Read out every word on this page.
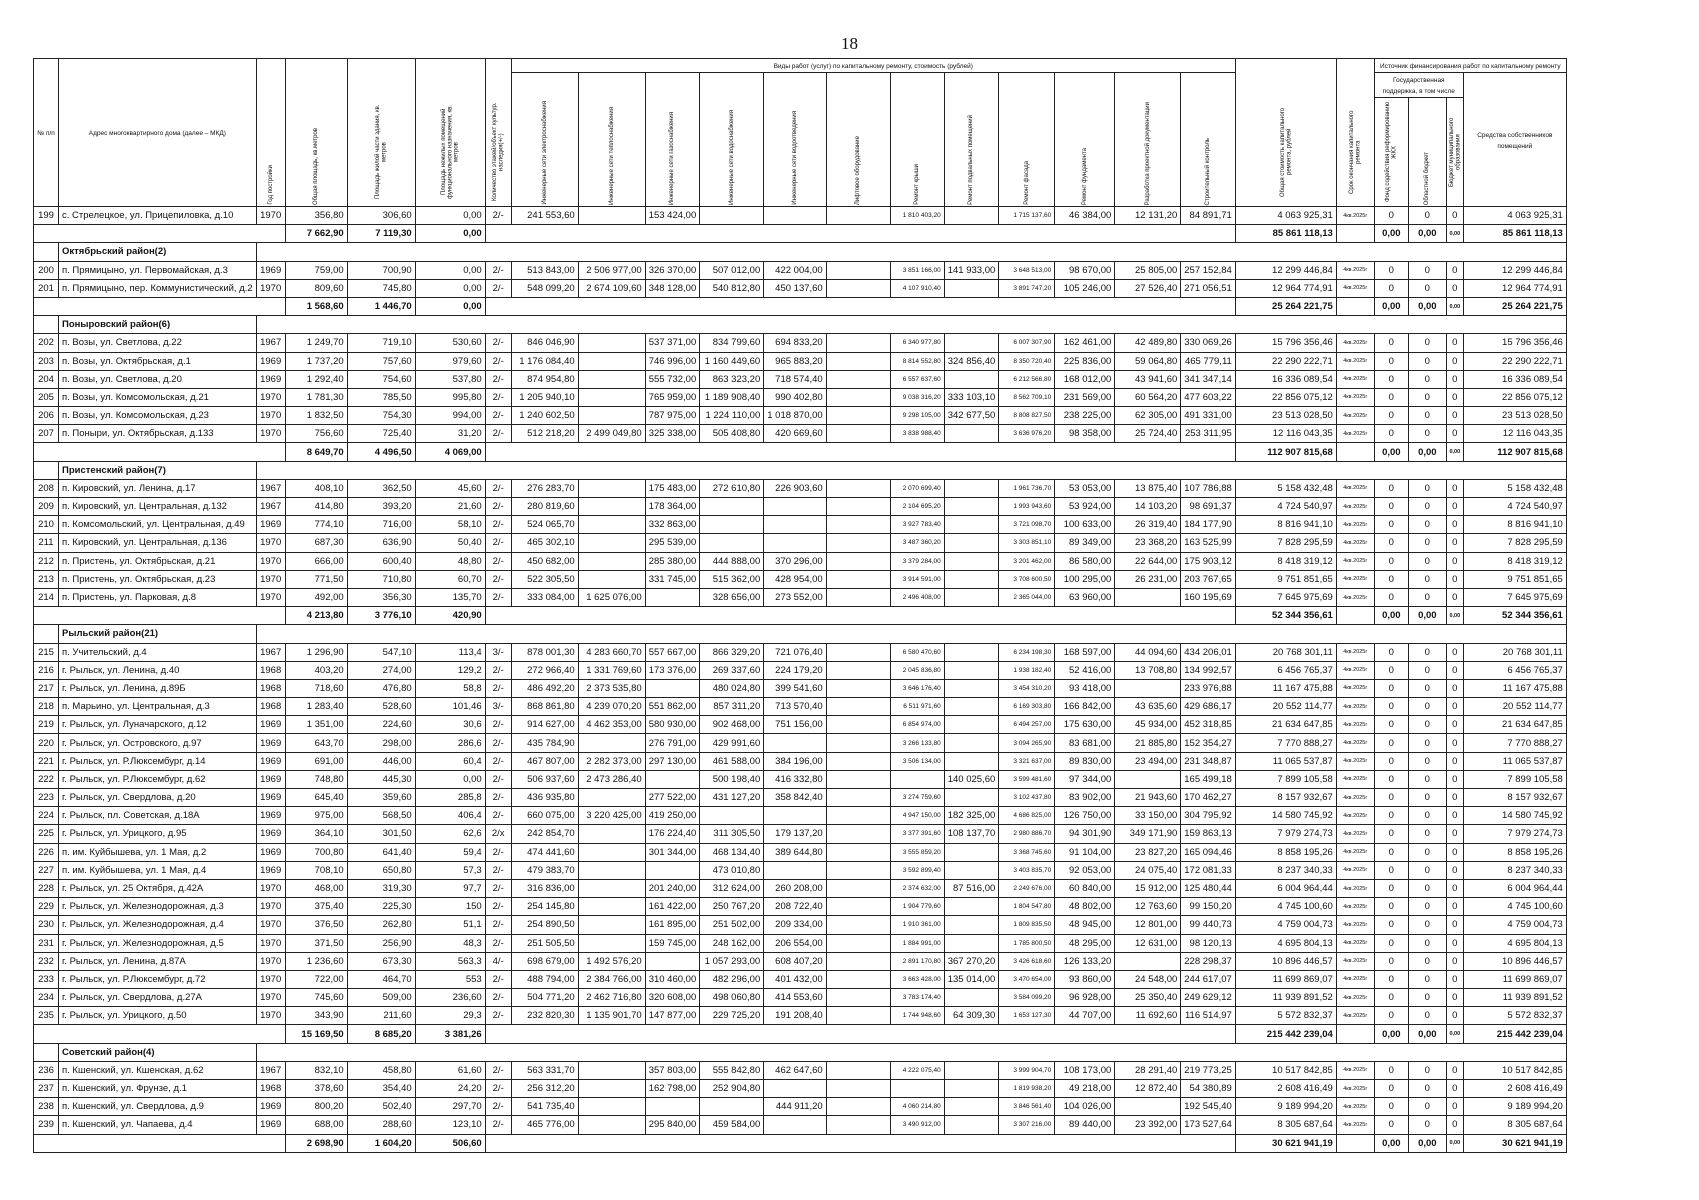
18
№ п/п	Адрес многоквартирного дома (далее – МКД)	Год постройки	Общая площадь, кв.метров	Площадь жилой части здания, кв. метров	Площадь нежилых помещений функционального назначения, кв. метров	Количество этажей/объект культур. наследия(+/-)	Виды работ (услуг) по капитальному ремонту, стоимость (рублей)												Общая стоимость капитального ремонта, рублей	Срок окончания капитального ремонта	Источник финансирования работ по капитальному ремонту			

							Инженерные сети электроснабжения	Инженерные сети теплоснабжения	Инженерные сети газоснабжения	Инженерные сети водоснабжения	Инженерные сети водоотведения	Лифтовое оборудование	Ремонт крыши	Ремонт подвальных помещений	Ремонт фасада	Ремонт фундамента	Разработка проектной документации	Строительный контроль			Государственная поддержка, в том числе			Средства собственников помещений

																					Фонд содействия реформированию ЖКХ	Областной бюджет	Бюджет муниципального образования	

199	с. Стрелецкое, ул. Прицепиловка, д.10	1970	356,80	306,60	0,00	2/-	241 553,60		153 424,00				1 810 403,20		1 715 137,60	46 384,00	12 131,20	84 891,71	4 063 925,31	4кв.2025г	0	0	0	4 063 925,31
			7 662,90	7 119,30	0,00														85 861 118,13		0,00	0,00	0,00	85 861 118,13
	Октябрьский район(2)																							
200	п. Прямицыно, ул. Первомайская, д.3	1969	759,00	700,90	0,00	2/-	513 843,00	2 506 977,00	326 370,00	507 012,00	422 004,00		3 851 166,00	141 933,00	3 648 513,00	98 670,00	25 805,00	257 152,84	12 299 446,84	4кв.2025г	0	0	0	12 299 446,84
201	п. Прямицыно, пер. Коммунистический, д.2	1970	809,60	745,80	0,00	2/-	548 099,20	2 674 109,60	348 128,00	540 812,80	450 137,60		4 107 910,40		3 891 747,20	105 246,00	27 526,40	271 056,51	12 964 774,91	4кв.2025г	0	0	0	12 964 774,91
			1 568,60	1 446,70	0,00														25 264 221,75		0,00	0,00	0,00	25 264 221,75
	Поныровский район(6)																							
202	п. Возы, ул. Светлова, д.22	1967	1 249,70	719,10	530,60	2/-	846 046,90		537 371,00	834 799,60	694 833,20		6 340 977,80		6 007 307,90	162 461,00	42 489,80	330 069,26	15 796 356,46	4кв.2025г	0	0	0	15 796 356,46
203	п. Возы, ул. Октябрьская, д.1	1969	1 737,20	757,60	979,60	2/-	1 176 084,40		746 996,00	1 160 449,60	965 883,20		8 814 552,80	324 856,40	8 350 720,40	225 836,00	59 064,80	465 779,11	22 290 222,71	4кв.2025г	0	0	0	22 290 222,71
204	п. Возы, ул. Светлова, д.20	1969	1 292,40	754,60	537,80	2/-	874 954,80		555 732,00	863 323,20	718 574,40		6 557 637,60		6 212 566,80	168 012,00	43 941,60	341 347,14	16 336 089,54	4кв.2025г	0	0	0	16 336 089,54
205	п. Возы, ул. Комсомольская, д.21	1970	1 781,30	785,50	995,80	2/-	1 205 940,10		765 959,00	1 189 908,40	990 402,80		9 038 316,20	333 103,10	8 562 709,10	231 569,00	60 564,20	477 603,22	22 856 075,12	4кв.2025г	0	0	0	22 856 075,12
206	п. Возы, ул. Комсомольская, д.23	1970	1 832,50	754,30	994,00	2/-	1 240 602,50		787 975,00	1 224 110,00	1 018 870,00		9 298 105,00	342 677,50	8 808 827,50	238 225,00	62 305,00	491 331,00	23 513 028,50	4кв.2025г	0	0	0	23 513 028,50
207	п. Поныри, ул. Октябрьская, д.133	1970	756,60	725,40	31,20	2/-	512 218,20	2 499 049,80	325 338,00	505 408,80	420 669,60		3 838 988,40		3 636 976,20	98 358,00	25 724,40	253 311,95	12 116 043,35	4кв.2025г	0	0	0	12 116 043,35
			8 649,70	4 496,50	4 069,00														112 907 815,68		0,00	0,00	0,00	112 907 815,68
	Пристенский район(7)																							
208	п. Кировский, ул. Ленина, д.17	1967	408,10	362,50	45,60	2/-	276 283,70		175 483,00	272 610,80	226 903,60		2 070 699,40		1 961 736,70	53 053,00	13 875,40	107 786,88	5 158 432,48	4кв.2025г	0	0	0	5 158 432,48
209	п. Кировский, ул. Центральная, д.132	1967	414,80	393,20	21,60	2/-	280 819,60		178 364,00				2 104 695,20		1 993 943,60	53 924,00	14 103,20	98 691,37	4 724 540,97	4кв.2025г	0	0	0	4 724 540,97
210	п. Комсомольский, ул. Центральная, д.49	1969	774,10	716,00	58,10	2/-	524 065,70		332 863,00				3 927 783,40		3 721 098,70	100 633,00	26 319,40	184 177,90	8 816 941,10	4кв.2025г	0	0	0	8 816 941,10
211	п. Кировский, ул. Центральная, д.136	1970	687,30	636,90	50,40	2/-	465 302,10		295 539,00				3 487 360,20		3 303 851,10	89 349,00	23 368,20	163 525,99	7 828 295,59	4кв.2025г	0	0	0	7 828 295,59
212	п. Пристень, ул. Октябрьская, д.21	1970	666,00	600,40	48,80	2/-	450 682,00		285 380,00	444 888,00	370 296,00		3 379 284,00		3 201 462,00	86 580,00	22 644,00	175 903,12	8 418 319,12	4кв.2025г	0	0	0	8 418 319,12
213	п. Пристень, ул. Октябрьская, д.23	1970	771,50	710,80	60,70	2/-	522 305,50		331 745,00	515 362,00	428 954,00		3 914 591,00		3 708 600,50	100 295,00	26 231,00	203 767,65	9 751 851,65	4кв.2025г	0	0	0	9 751 851,65
214	п. Пристень, ул. Парковая, д.8	1970	492,00	356,30	135,70	2/-	333 084,00	1 625 076,00		328 656,00	273 552,00		2 496 408,00		2 365 044,00	63 960,00		160 195,69	7 645 975,69	4кв.2025г	0	0	0	7 645 975,69
			4 213,80	3 776,10	420,90														52 344 356,61		0,00	0,00	0,00	52 344 356,61
	Рыльский район(21)																							
215	п. Учительский, д.4	1967	1 296,90	547,10	113,4	3/-	878 001,30	4 283 660,70	557 667,00	866 329,20	721 076,40		6 580 470,60		6 234 198,30	168 597,00	44 094,60	434 206,01	20 768 301,11	4кв.2025г	0	0	0	20 768 301,11
216	г. Рыльск, ул. Ленина, д.40	1968	403,20	274,00	129,2	2/-	272 966,40	1 331 769,60	173 376,00	269 337,60	224 179,20		2 045 836,80		1 938 182,40	52 416,00	13 708,80	134 992,57	6 456 765,37	4кв.2025г	0	0	0	6 456 765,37
217	г. Рыльск, ул. Ленина, д.89Б	1968	718,60	476,80	58,8	2/-	486 492,20	2 373 535,80		480 024,80	399 541,60		3 646 176,40		3 454 310,20	93 418,00		233 976,88	11 167 475,88	4кв.2025г	0	0	0	11 167 475,88
218	п. Марьино, ул. Центральная, д.3	1968	1 283,40	528,60	101,46	3/-	868 861,80	4 239 070,20	551 862,00	857 311,20	713 570,40		6 511 971,60		6 169 303,80	166 842,00	43 635,60	429 686,17	20 552 114,77	4кв.2025г	0	0	0	20 552 114,77
219	г. Рыльск, ул. Луначарского, д.12	1969	1 351,00	224,60	30,6	2/-	914 627,00	4 462 353,00	580 930,00	902 468,00	751 156,00		6 854 974,00		6 494 257,00	175 630,00	45 934,00	452 318,85	21 634 647,85	4кв.2025г	0	0	0	21 634 647,85
220	г. Рыльск, ул. Островского, д.97	1969	643,70	298,00	286,6	2/-	435 784,90		276 791,00	429 991,60			3 266 133,80		3 094 265,90	83 681,00	21 885,80	152 354,27	7 770 888,27	4кв.2025г	0	0	0	7 770 888,27
221	г. Рыльск, ул. Р.Люксембург, д.14	1969	691,00	446,00	60,4	2/-	467 807,00	2 282 373,00	297 130,00	461 588,00	384 196,00		3 506 134,00		3 321 637,00	89 830,00	23 494,00	231 348,87	11 065 537,87	4кв.2025г	0	0	0	11 065 537,87
222	г. Рыльск, ул. Р.Люксембург, д.62	1969	748,80	445,30	0,00	2/-	506 937,60	2 473 286,40		500 198,40	416 332,80			140 025,60	3 599 481,60	97 344,00		165 499,18	7 899 105,58	4кв.2025г	0	0	0	7 899 105,58
223	г. Рыльск, ул. Свердлова, д.20	1969	645,40	359,60	285,8	2/-	436 935,80		277 522,00	431 127,20	358 842,40		3 274 759,60		3 102 437,80	83 902,00	21 943,60	170 462,27	8 157 932,67	4кв.2025г	0	0	0	8 157 932,67
224	г. Рыльск, пл. Советская, д.18А	1969	975,00	568,50	406,4	2/-	660 075,00	3 220 425,00	419 250,00				4 947 150,00	182 325,00	4 686 825,00	126 750,00	33 150,00	304 795,92	14 580 745,92	4кв.2025г	0	0	0	14 580 745,92
225	г. Рыльск, ул. Урицкого, д.95	1969	364,10	301,50	62,6	2/х	242 854,70		176 224,40	311 305,50	179 137,20		3 377 391,60	108 137,70	2 980 886,70	94 301,90	349 171,90	159 863,13	7 979 274,73	4кв.2025г	0	0	0	7 979 274,73
226	п. им. Куйбышева, ул. 1 Мая, д.2	1969	700,80	641,40	59,4	2/-	474 441,60		301 344,00	468 134,40	389 644,80		3 555 859,20		3 368 745,60	91 104,00	23 827,20	165 094,46	8 858 195,26	4кв.2025г	0	0	0	8 858 195,26
227	п. им. Куйбышева, ул. 1 Мая, д.4	1969	708,10	650,80	57,3	2/-	479 383,70			473 010,80			3 592 899,40		3 403 835,70	92 053,00	24 075,40	172 081,33	8 237 340,33	4кв.2025г	0	0	0	8 237 340,33
228	г. Рыльск, ул. 25 Октября, д.42А	1970	468,00	319,30	97,7	2/-	316 836,00		201 240,00	312 624,00	260 208,00		2 374 632,00	87 516,00	2 249 676,00	60 840,00	15 912,00	125 480,44	6 004 964,44	4кв.2025г	0	0	0	6 004 964,44
229	г. Рыльск, ул. Железнодорожная, д.3	1970	375,40	225,30	150	2/-	254 145,80		161 422,00	250 767,20	208 722,40		1 904 779,60		1 804 547,80	48 802,00	12 763,60	99 150,20	4 745 100,60	4кв.2025г	0	0	0	4 745 100,60
230	г. Рыльск, ул. Железнодорожная, д.4	1970	376,50	262,80	51,1	2/-	254 890,50		161 895,00	251 502,00	209 334,00		1 910 361,00		1 809 835,50	48 945,00	12 801,00	99 440,73	4 759 004,73	4кв.2025г	0	0	0	4 759 004,73
231	г. Рыльск, ул. Железнодорожная, д.5	1970	371,50	256,90	48,3	2/-	251 505,50		159 745,00	248 162,00	206 554,00		1 884 991,00		1 785 800,50	48 295,00	12 631,00	98 120,13	4 695 804,13	4кв.2025г	0	0	0	4 695 804,13
232	г. Рыльск, ул. Ленина, д.87А	1970	1 236,60	673,30	563,3	4/-	698 679,00	1 492 576,20		1 057 293,00	608 407,20		2 891 170,80	367 270,20	3 426 618,60	126 133,20		228 298,37	10 896 446,57	4кв.2025г	0	0	0	10 896 446,57
233	г. Рыльск, ул. Р.Люксембург, д.72	1970	722,00	464,70	553	2/-	488 794,00	2 384 766,00	310 460,00	482 296,00	401 432,00		3 663 428,00	135 014,00	3 470 654,00	93 860,00	24 548,00	244 617,07	11 699 869,07	4кв.2025г	0	0	0	11 699 869,07
234	г. Рыльск, ул. Свердлова, д.27А	1970	745,60	509,00	236,60	2/-	504 771,20	2 462 716,80	320 608,00	498 060,80	414 553,60		3 783 174,40		3 584 099,20	96 928,00	25 350,40	249 629,12	11 939 891,52	4кв.2025г	0	0	0	11 939 891,52
235	г. Рыльск, ул. Урицкого, д.50	1970	343,90	211,60	29,3	2/-	232 820,30	1 135 901,70	147 877,00	229 725,20	191 208,40		1 744 948,60	64 309,30	1 653 127,30	44 707,00	11 692,60	116 514,97	5 572 832,37	4кв.2025г	0	0	0	5 572 832,37
			15 169,50	8 685,20	3 381,26														215 442 239,04		0,00	0,00	0,00	215 442 239,04
	Советский район(4)																							
236	п. Кшенский, ул. Кшенская, д.62	1967	832,10	458,80	61,60	2/-	563 331,70		357 803,00	555 842,80	462 647,60		4 222 075,40		3 999 904,70	108 173,00	28 291,40	219 773,25	10 517 842,85	4кв.2025г	0	0	0	10 517 842,85
237	п. Кшенский, ул. Фрунзе, д.1	1968	378,60	354,40	24,20	2/-	256 312,20		162 798,00	252 904,80					1 819 938,20	49 218,00	12 872,40	54 380,89	2 608 416,49	4кв.2025г	0	0	0	2 608 416,49
238	п. Кшенский, ул. Свердлова, д.9	1969	800,20	502,40	297,70	2/-	541 735,40				444 911,20		4 060 214,80		3 846 561,40	104 026,00		192 545,40	9 189 994,20	4кв.2025г	0	0	0	9 189 994,20
239	п. Кшенский, ул. Чапаева, д.4	1969	688,00	288,60	123,10	2/-	465 776,00		295 840,00	459 584,00			3 490 912,00		3 307 216,00	89 440,00	23 392,00	173 527,64	8 305 687,64	4кв.2025г	0	0	0	8 305 687,64
			2 698,90	1 604,20	506,60														30 621 941,19		0,00	0,00	0,00	30 621 941,19
